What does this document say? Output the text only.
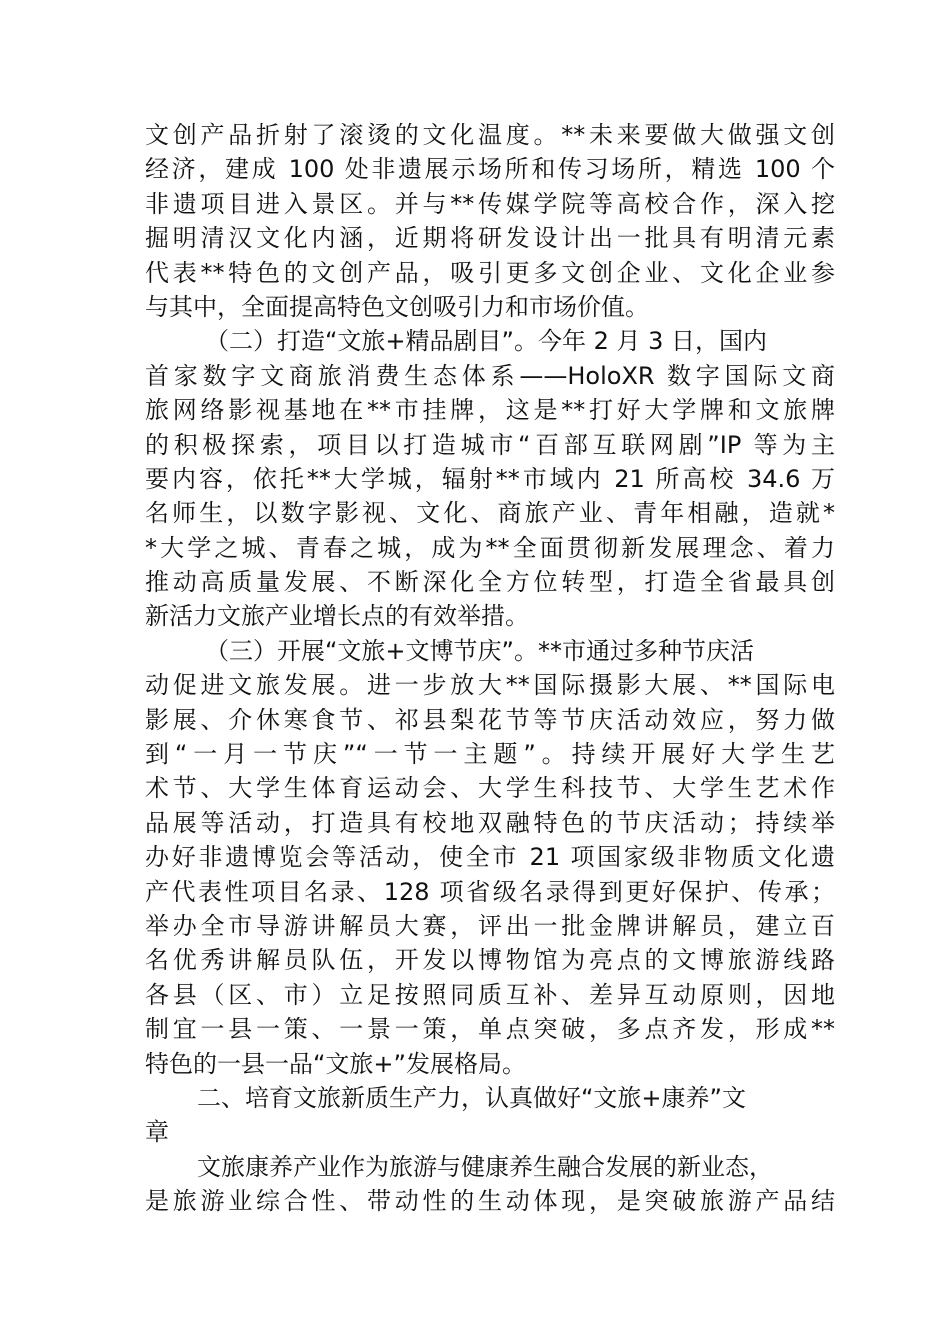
文创产品折射了滚烫的文化温度。**未来要做大做强文创
经济，建成 100 处非遗展示场所和传习场所，精选 100 个
非遗项目进入景区。并与**传媒学院等高校合作，深入挖
掘明清汉文化内涵，近期将研发设计出一批具有明清元素
代表**特色的文创产品，吸引更多文创企业、文化企业参
与其中，全面提高特色文创吸引力和市场价值。
（二）打造“文旅+精品剧目”。今年 2 月 3 日，国内
首家数字文商旅消费生态体系——HoloXR 数字国际文商
旅网络影视基地在**市挂牌，这是**打好大学牌和文旅牌
的积极探索，项目以打造城市“百部互联网剧”IP 等为主
要内容，依托**大学城，辐射**市域内 21 所高校 34.6 万
名师生，以数字影视、文化、商旅产业、青年相融，造就*
*大学之城、青春之城，成为**全面贯彻新发展理念、着力
推动高质量发展、不断深化全方位转型，打造全省最具创
新活力文旅产业增长点的有效举措。
（三）开展“文旅+文博节庆”。**市通过多种节庆活
动促进文旅发展。进一步放大**国际摄影大展、**国际电
影展、介休寒食节、祁县梨花节等节庆活动效应，努力做
到“一月一节庆”“一节一主题”。持续开展好大学生艺
术节、大学生体育运动会、大学生科技节、大学生艺术作
品展等活动，打造具有校地双融特色的节庆活动；持续举
办好非遗博览会等活动，使全市 21 项国家级非物质文化遗
产代表性项目名录、128 项省级名录得到更好保护、传承；
举办全市导游讲解员大赛，评出一批金牌讲解员，建立百
名优秀讲解员队伍，开发以博物馆为亮点的文博旅游线路
各县（区、市）立足按照同质互补、差异互动原则，因地
制宜一县一策、一景一策，单点突破，多点齐发，形成**
特色的一县一品“文旅+”发展格局。
二、培育文旅新质生产力，认真做好“文旅+康养”文
章
文旅康养产业作为旅游与健康养生融合发展的新业态，
是旅游业综合性、带动性的生动体现，是突破旅游产品结
